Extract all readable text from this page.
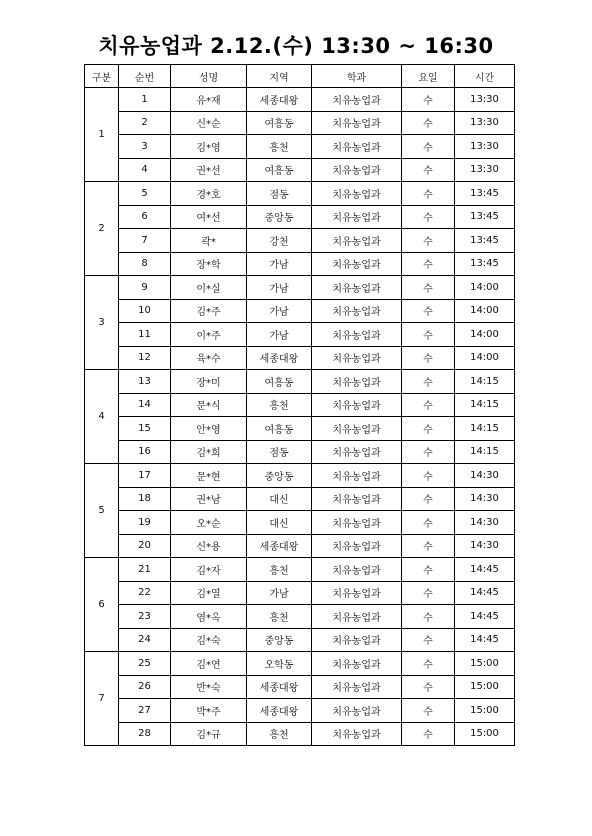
치유농업과 2.12.(수) 13:30 ~ 16:30
구분	순번	성명	지역	학과	요일	시간
1	1	유*재	세종대왕	치유농업과	수	13:30
	2	신*순	여흥동	치유농업과	수	13:30
	3	김*영	흥천	치유농업과	수	13:30
	4	권*선	여흥동	치유농업과	수	13:30
2	5	경*호	점동	치유농업과	수	13:45
	6	여*선	중앙동	치유농업과	수	13:45
	7	곽*	강천	치유농업과	수	13:45
	8	장*학	가남	치유농업과	수	13:45
3	9	이*실	가남	치유농업과	수	14:00
	10	김*주	가남	치유농업과	수	14:00
	11	이*주	가남	치유농업과	수	14:00
	12	육*수	세종대왕	치유농업과	수	14:00
4	13	장*미	여흥동	치유농업과	수	14:15
	14	문*식	흥천	치유농업과	수	14:15
	15	안*영	여흥동	치유농업과	수	14:15
	16	김*희	점동	치유농업과	수	14:15
5	17	문*현	중앙동	치유농업과	수	14:30
	18	권*남	대신	치유농업과	수	14:30
	19	오*순	대신	치유농업과	수	14:30
	20	신*용	세종대왕	치유농업과	수	14:30
6	21	김*자	흥천	치유농업과	수	14:45
	22	김*열	가남	치유농업과	수	14:45
	23	염*옥	흥천	치유농업과	수	14:45
	24	김*숙	중앙동	치유농업과	수	14:45
7	25	김*연	오학동	치유농업과	수	15:00
	26	반*숙	세종대왕	치유농업과	수	15:00
	27	박*주	세종대왕	치유농업과	수	15:00
	28	김*규	흥천	치유농업과	수	15:00
